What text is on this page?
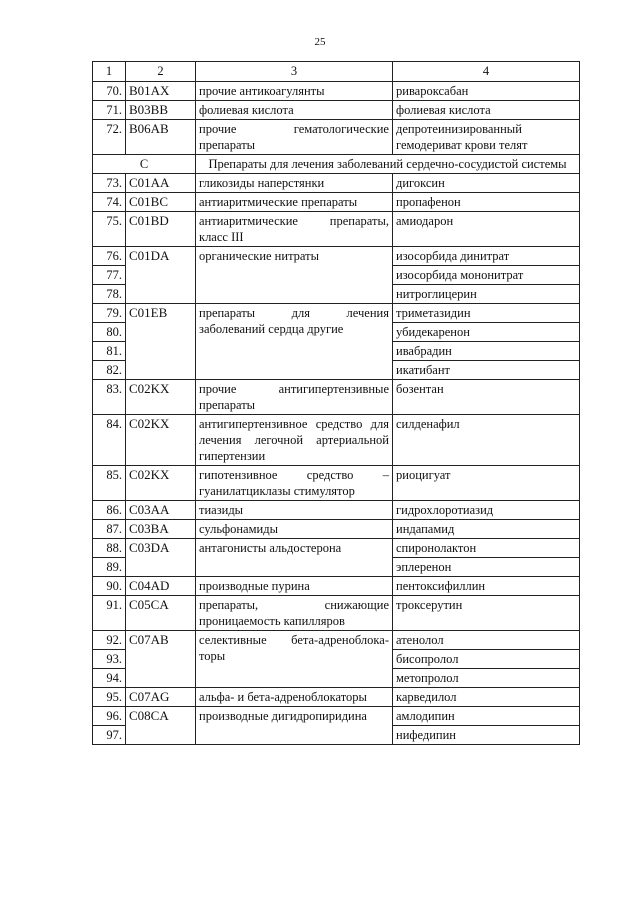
25
1	2	3	4
70.	B01AX	прочие антикоагулянты	ривароксабан
71.	B03BB	фолиевая кислота	фолиевая кислота
72.	B06AB	прочие гематологические препараты	депротеинизированный гемодериват крови телят
C		Препараты для лечения заболеваний сердечно-сосудистой системы	
73.	C01AA	гликозиды наперстянки	дигоксин
74.	C01BC	антиаритмические препараты	пропафенон
75.	C01BD	антиаритмические препараты, класс III	амиодарон
76.	C01DA	органические нитраты	изосорбида динитрат
77.			изосорбида мононитрат
78.			нитроглицерин
79.	C01EB	препараты для лечения заболеваний сердца другие	триметазидин
80.			убидекаренон
81.			ивабрадин
82.			икатибант
83.	C02KX	прочие антигипертензивные препараты	бозентан
84.	C02KX	антигипертензивное средство для лечения легочной артериальной гипертензии	силденафил
85.	C02KX	гипотензивное средство – гуанилатциклазы стимулятор	риоцигуат
86.	C03AA	тиазиды	гидрохлоротиазид
87.	C03BA	сульфонамиды	индапамид
88.	C03DA	антагонисты альдостерона	спиронолактон
89.			эплеренон
90.	C04AD	производные пурина	пентоксифиллин
91.	C05CA	препараты, снижающие проницаемость капилляров	троксерутин
92.	C07AB	селективные бета-адреноблока-торы	атенолол
93.			бисопролол
94.			метопролол
95.	C07AG	альфа- и бета-адреноблокаторы	карведилол
96.	C08CA	производные дигидропиридина	амлодипин
97.			нифедипин
